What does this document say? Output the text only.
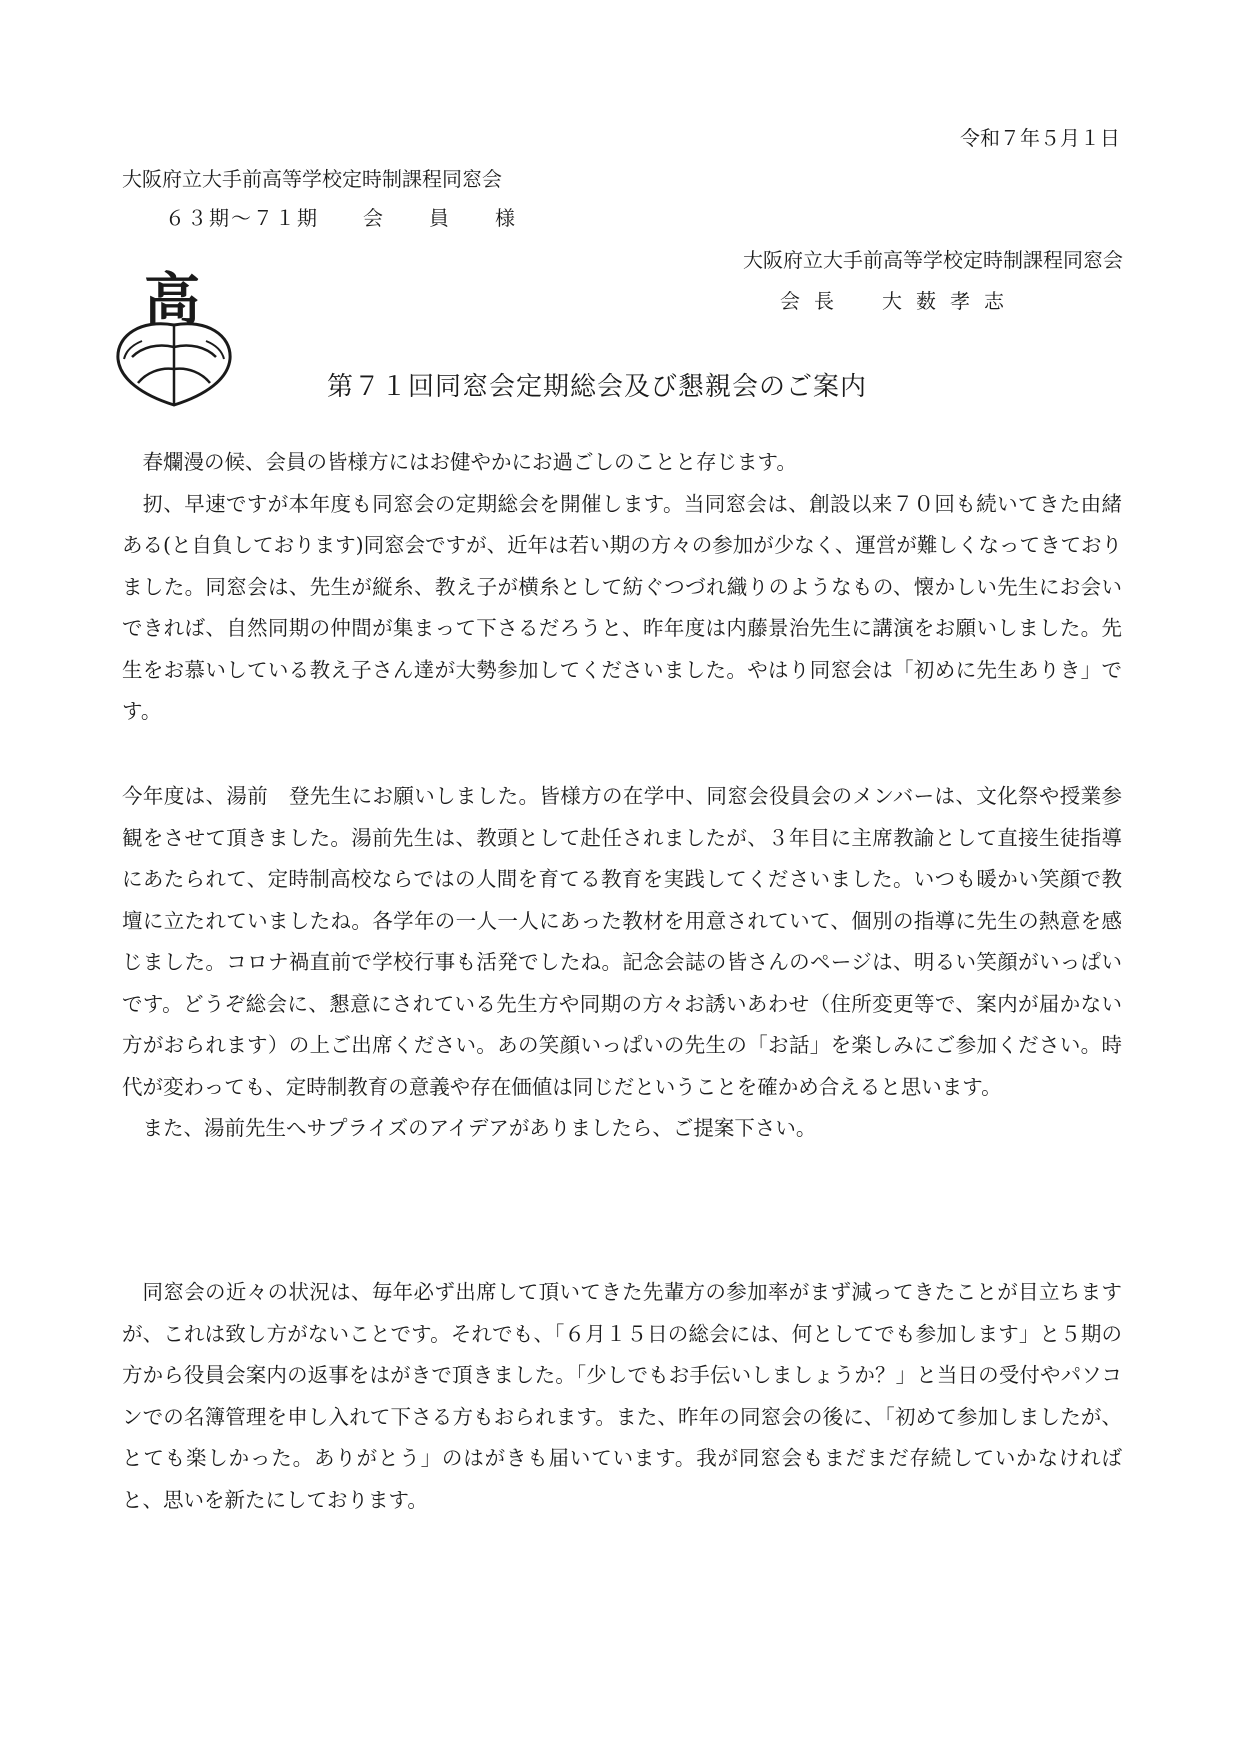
令和７年５月１日
大阪府立大手前高等学校定時制課程同窓会
６３期～７１期　　会　　員　　様
大阪府立大手前高等学校定時制課程同窓会
会長　大薮孝志
高
第７１回同窓会定期総会及び懇親会のご案内

春爛漫の候、会員の皆様方にはお健やかにお過ごしのことと存じます。

扨、早速ですが本年度も同窓会の定期総会を開催します。当同窓会は、創設以来７０回も続いてきた由緒ある(と自負しております)同窓会ですが、近年は若い期の方々の参加が少なく、運営が難しくなってきておりました。同窓会は、先生が縦糸、教え子が横糸として紡ぐつづれ織りのようなもの、懐かしい先生にお会いできれば、自然同期の仲間が集まって下さるだろうと、昨年度は内藤景治先生に講演をお願いしました。先生をお慕いしている教え子さん達が大勢参加してくださいました。やはり同窓会は「初めに先生ありき」です。

今年度は、湯前　登先生にお願いしました。皆様方の在学中、同窓会役員会のメンバーは、文化祭や授業参観をさせて頂きました。湯前先生は、教頭として赴任されましたが、３年目に主席教諭として直接生徒指導にあたられて、定時制高校ならではの人間を育てる教育を実践してくださいました。いつも暖かい笑顔で教壇に立たれていましたね。各学年の一人一人にあった教材を用意されていて、個別の指導に先生の熱意を感じました。コロナ禍直前で学校行事も活発でしたね。記念会誌の皆さんのページは、明るい笑顔がいっぱいです。どうぞ総会に、懇意にされている先生方や同期の方々お誘いあわせ（住所変更等で、案内が届かない方がおられます）の上ご出席ください。あの笑顔いっぱいの先生の「お話」を楽しみにご参加ください。時代が変わっても、定時制教育の意義や存在価値は同じだということを確かめ合えると思います。

また、湯前先生へサプライズのアイデアがありましたら、ご提案下さい。

同窓会の近々の状況は、毎年必ず出席して頂いてきた先輩方の参加率がまず減ってきたことが目立ちますが、これは致し方がないことです。それでも、「６月１５日の総会には、何としてでも参加します」と５期の方から役員会案内の返事をはがきで頂きました。「少しでもお手伝いしましょうか？」と当日の受付やパソコンでの名簿管理を申し入れて下さる方もおられます。また、昨年の同窓会の後に、「初めて参加しましたが、とても楽しかった。ありがとう」のはがきも届いています。我が同窓会もまだまだ存続していかなければと、思いを新たにしております。
